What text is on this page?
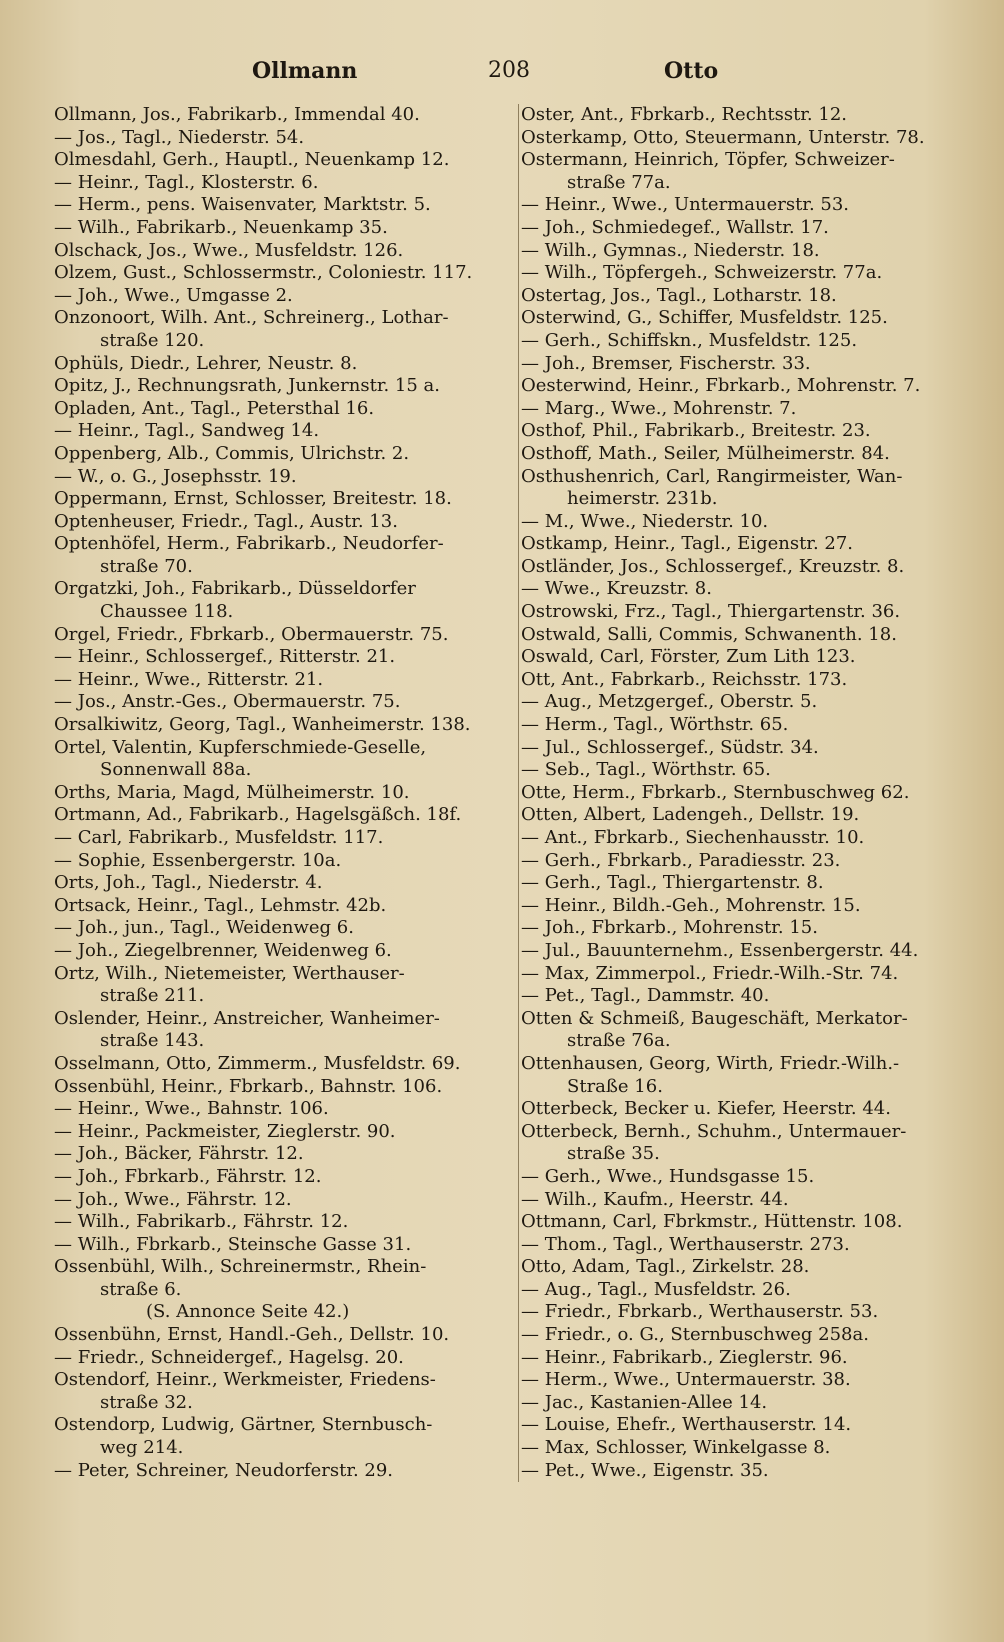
Ollmann	208	Otto
Ollmann, Jos., Fabrikarb., Immendal 40.
— Jos., Tagl., Niederstr. 54.
Olmesdahl, Gerh., Hauptl., Neuenkamp 12.
— Heinr., Tagl., Klosterstr. 6.
— Herm., pens. Waisenvater, Marktstr. 5.
— Wilh., Fabrikarb., Neuenkamp 35.
Olschack, Jos., Wwe., Musfeldstr. 126.
Olzem, Gust., Schlossermstr., Coloniestr. 117.
— Joh., Wwe., Umgasse 2.
Onzonoort, Wilh. Ant., Schreinerg., Lothar-
straße 120.
Ophüls, Diedr., Lehrer, Neustr. 8.
Opitz, J., Rechnungsrath, Junkernstr. 15 a.
Opladen, Ant., Tagl., Petersthal 16.
— Heinr., Tagl., Sandweg 14.
Oppenberg, Alb., Commis, Ulrichstr. 2.
— W., o. G., Josephsstr. 19.
Oppermann, Ernst, Schlosser, Breitestr. 18.
Optenheuser, Friedr., Tagl., Austr. 13.
Optenhöfel, Herm., Fabrikarb., Neudorfer-
straße 70.
Orgatzki, Joh., Fabrikarb., Düsseldorfer
Chaussee 118.
Orgel, Friedr., Fbrkarb., Obermauerstr. 75.
— Heinr., Schlossergef., Ritterstr. 21.
— Heinr., Wwe., Ritterstr. 21.
— Jos., Anstr.-Ges., Obermauerstr. 75.
Orsalkiwitz, Georg, Tagl., Wanheimerstr. 138.
Ortel, Valentin, Kupferschmiede-Geselle,
Sonnenwall 88a.
Orths, Maria, Magd, Mülheimerstr. 10.
Ortmann, Ad., Fabrikarb., Hagelsgäßch. 18f.
— Carl, Fabrikarb., Musfeldstr. 117.
— Sophie, Essenbergerstr. 10a.
Orts, Joh., Tagl., Niederstr. 4.
Ortsack, Heinr., Tagl., Lehmstr. 42b.
— Joh., jun., Tagl., Weidenweg 6.
— Joh., Ziegelbrenner, Weidenweg 6.
Ortz, Wilh., Nietemeister, Werthauser-
straße 211.
Oslender, Heinr., Anstreicher, Wanheimer-
straße 143.
Osselmann, Otto, Zimmerm., Musfeldstr. 69.
Ossenbühl, Heinr., Fbrkarb., Bahnstr. 106.
— Heinr., Wwe., Bahnstr. 106.
— Heinr., Packmeister, Zieglerstr. 90.
— Joh., Bäcker, Fährstr. 12.
— Joh., Fbrkarb., Fährstr. 12.
— Joh., Wwe., Fährstr. 12.
— Wilh., Fabrikarb., Fährstr. 12.
— Wilh., Fbrkarb., Steinsche Gasse 31.
Ossenbühl, Wilh., Schreinermstr., Rhein-
straße 6.
(S. Annonce Seite 42.)
Ossenbühn, Ernst, Handl.-Geh., Dellstr. 10.
— Friedr., Schneidergef., Hagelsg. 20.
Ostendorf, Heinr., Werkmeister, Friedens-
straße 32.
Ostendorp, Ludwig, Gärtner, Sternbusch-
weg 214.
— Peter, Schreiner, Neudorferstr. 29.
Oster, Ant., Fbrkarb., Rechtsstr. 12.
Osterkamp, Otto, Steuermann, Unterstr. 78.
Ostermann, Heinrich, Töpfer, Schweizer-
straße 77a.
— Heinr., Wwe., Untermauerstr. 53.
— Joh., Schmiedegef., Wallstr. 17.
— Wilh., Gymnas., Niederstr. 18.
— Wilh., Töpfergeh., Schweizerstr. 77a.
Ostertag, Jos., Tagl., Lotharstr. 18.
Osterwind, G., Schiffer, Musfeldstr. 125.
— Gerh., Schiffskn., Musfeldstr. 125.
— Joh., Bremser, Fischerstr. 33.
Oesterwind, Heinr., Fbrkarb., Mohrenstr. 7.
— Marg., Wwe., Mohrenstr. 7.
Osthof, Phil., Fabrikarb., Breitestr. 23.
Osthoff, Math., Seiler, Mülheimerstr. 84.
Osthushenrich, Carl, Rangirmeister, Wan-
heimerstr. 231b.
— M., Wwe., Niederstr. 10.
Ostkamp, Heinr., Tagl., Eigenstr. 27.
Ostländer, Jos., Schlossergef., Kreuzstr. 8.
— Wwe., Kreuzstr. 8.
Ostrowski, Frz., Tagl., Thiergartenstr. 36.
Ostwald, Salli, Commis, Schwanenth. 18.
Oswald, Carl, Förster, Zum Lith 123.
Ott, Ant., Fabrkarb., Reichsstr. 173.
— Aug., Metzgergef., Oberstr. 5.
— Herm., Tagl., Wörthstr. 65.
— Jul., Schlossergef., Südstr. 34.
— Seb., Tagl., Wörthstr. 65.
Otte, Herm., Fbrkarb., Sternbuschweg 62.
Otten, Albert, Ladengeh., Dellstr. 19.
— Ant., Fbrkarb., Siechenhausstr. 10.
— Gerh., Fbrkarb., Paradiesstr. 23.
— Gerh., Tagl., Thiergartenstr. 8.
— Heinr., Bildh.-Geh., Mohrenstr. 15.
— Joh., Fbrkarb., Mohrenstr. 15.
— Jul., Bauunternehm., Essenbergerstr. 44.
— Max, Zimmerpol., Friedr.-Wilh.-Str. 74.
— Pet., Tagl., Dammstr. 40.
Otten & Schmeiß, Baugeschäft, Merkator-
straße 76a.
Ottenhausen, Georg, Wirth, Friedr.-Wilh.-
Straße 16.
Otterbeck, Becker u. Kiefer, Heerstr. 44.
Otterbeck, Bernh., Schuhm., Untermauer-
straße 35.
— Gerh., Wwe., Hundsgasse 15.
— Wilh., Kaufm., Heerstr. 44.
Ottmann, Carl, Fbrkmstr., Hüttenstr. 108.
— Thom., Tagl., Werthauserstr. 273.
Otto, Adam, Tagl., Zirkelstr. 28.
— Aug., Tagl., Musfeldstr. 26.
— Friedr., Fbrkarb., Werthauserstr. 53.
— Friedr., o. G., Sternbuschweg 258a.
— Heinr., Fabrikarb., Zieglerstr. 96.
— Herm., Wwe., Untermauerstr. 38.
— Jac., Kastanien-Allee 14.
— Louise, Ehefr., Werthauserstr. 14.
— Max, Schlosser, Winkelgasse 8.
— Pet., Wwe., Eigenstr. 35.
